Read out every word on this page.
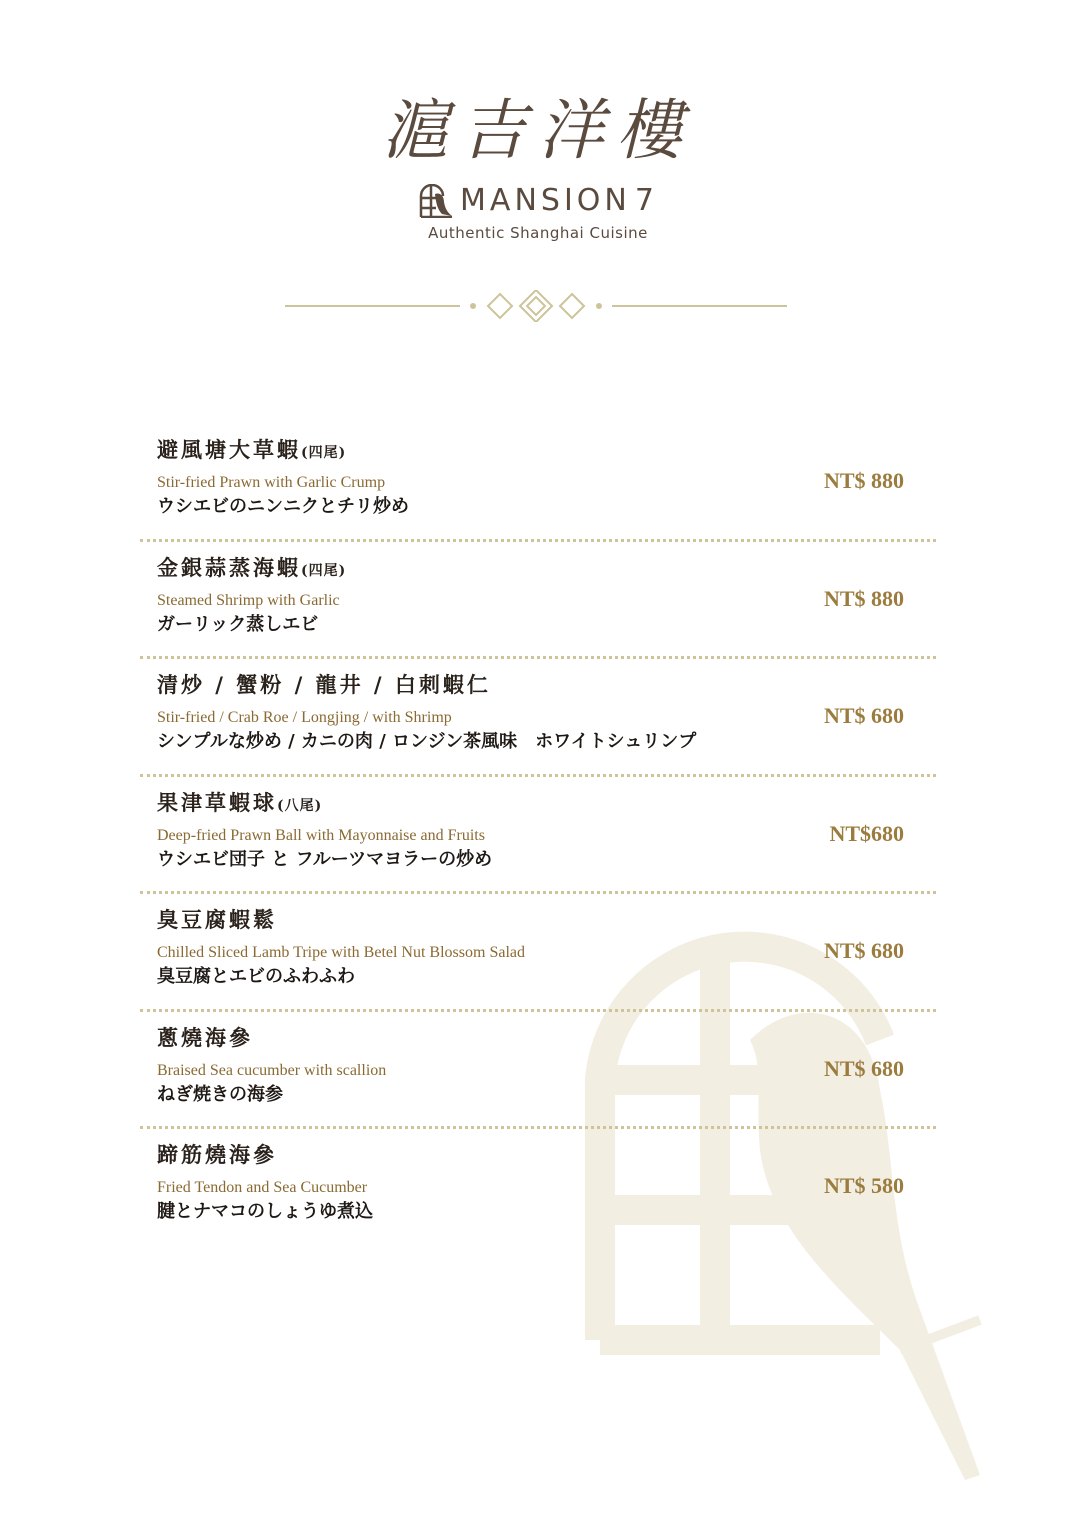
滬吉洋樓
MANSION 7
Authentic Shanghai Cuisine
避風塘大草蝦(四尾)
Stir-fried Prawn with Garlic Crump
ウシエビのニンニクとチリ炒め
NT$ 880
金銀蒜蒸海蝦(四尾)
Steamed Shrimp with Garlic
ガーリック蒸しエビ
NT$ 880
清炒 / 蟹粉 / 龍井 / 白刺蝦仁
Stir-fried / Crab Roe / Longjing / with Shrimp
シンプルな炒め / カニの肉 / ロンジン茶風味　ホワイトシュリンプ
NT$ 680
果津草蝦球(八尾)
Deep-fried Prawn Ball with Mayonnaise and Fruits
ウシエビ団子 と フルーツマヨラーの炒め
NT$680
臭豆腐蝦鬆
Chilled Sliced Lamb Tripe with Betel Nut Blossom Salad
臭豆腐とエビのふわふわ
NT$ 680
蔥燒海參
Braised Sea cucumber with scallion
ねぎ焼きの海参
NT$ 680
蹄筋燒海參
Fried Tendon and Sea Cucumber
腱とナマコのしょうゆ煮込
NT$ 580
